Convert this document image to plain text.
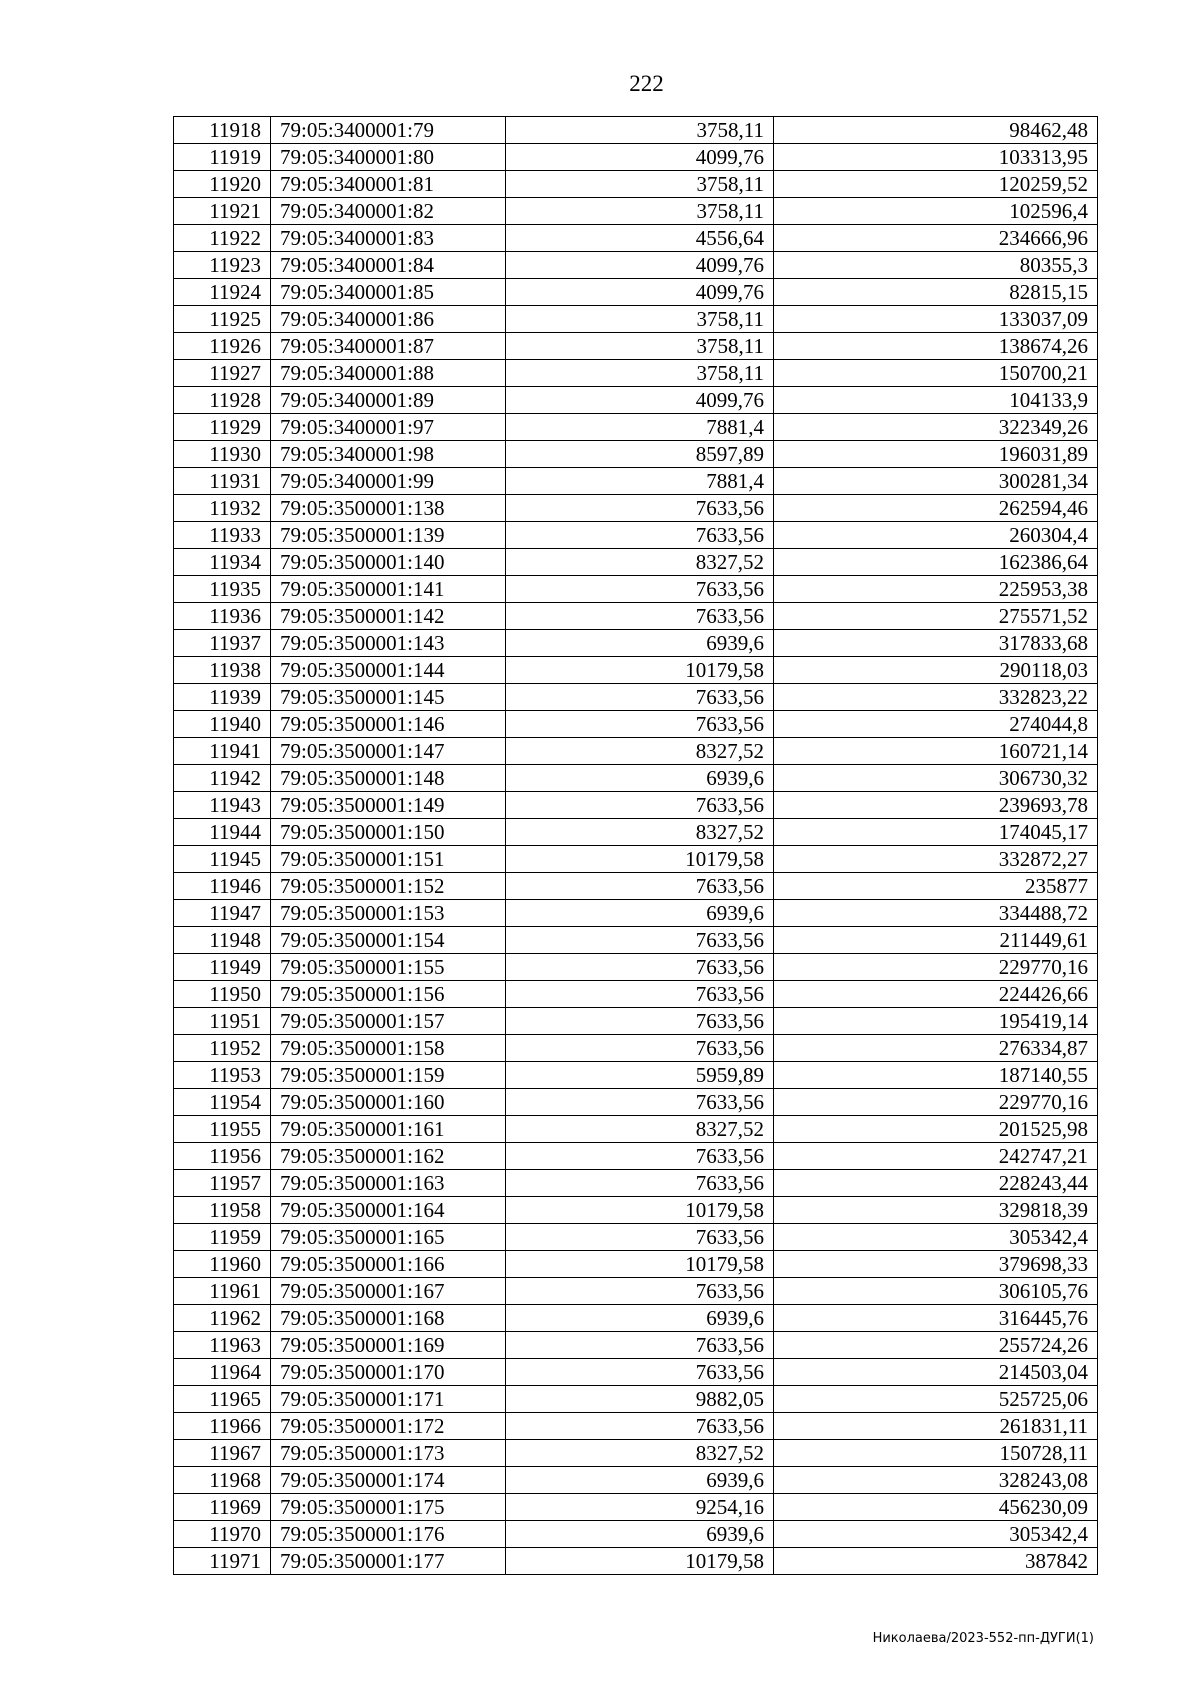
222
11918	79:05:3400001:79	3758,11	98462,48
11919	79:05:3400001:80	4099,76	103313,95
11920	79:05:3400001:81	3758,11	120259,52
11921	79:05:3400001:82	3758,11	102596,4
11922	79:05:3400001:83	4556,64	234666,96
11923	79:05:3400001:84	4099,76	80355,3
11924	79:05:3400001:85	4099,76	82815,15
11925	79:05:3400001:86	3758,11	133037,09
11926	79:05:3400001:87	3758,11	138674,26
11927	79:05:3400001:88	3758,11	150700,21
11928	79:05:3400001:89	4099,76	104133,9
11929	79:05:3400001:97	7881,4	322349,26
11930	79:05:3400001:98	8597,89	196031,89
11931	79:05:3400001:99	7881,4	300281,34
11932	79:05:3500001:138	7633,56	262594,46
11933	79:05:3500001:139	7633,56	260304,4
11934	79:05:3500001:140	8327,52	162386,64
11935	79:05:3500001:141	7633,56	225953,38
11936	79:05:3500001:142	7633,56	275571,52
11937	79:05:3500001:143	6939,6	317833,68
11938	79:05:3500001:144	10179,58	290118,03
11939	79:05:3500001:145	7633,56	332823,22
11940	79:05:3500001:146	7633,56	274044,8
11941	79:05:3500001:147	8327,52	160721,14
11942	79:05:3500001:148	6939,6	306730,32
11943	79:05:3500001:149	7633,56	239693,78
11944	79:05:3500001:150	8327,52	174045,17
11945	79:05:3500001:151	10179,58	332872,27
11946	79:05:3500001:152	7633,56	235877
11947	79:05:3500001:153	6939,6	334488,72
11948	79:05:3500001:154	7633,56	211449,61
11949	79:05:3500001:155	7633,56	229770,16
11950	79:05:3500001:156	7633,56	224426,66
11951	79:05:3500001:157	7633,56	195419,14
11952	79:05:3500001:158	7633,56	276334,87
11953	79:05:3500001:159	5959,89	187140,55
11954	79:05:3500001:160	7633,56	229770,16
11955	79:05:3500001:161	8327,52	201525,98
11956	79:05:3500001:162	7633,56	242747,21
11957	79:05:3500001:163	7633,56	228243,44
11958	79:05:3500001:164	10179,58	329818,39
11959	79:05:3500001:165	7633,56	305342,4
11960	79:05:3500001:166	10179,58	379698,33
11961	79:05:3500001:167	7633,56	306105,76
11962	79:05:3500001:168	6939,6	316445,76
11963	79:05:3500001:169	7633,56	255724,26
11964	79:05:3500001:170	7633,56	214503,04
11965	79:05:3500001:171	9882,05	525725,06
11966	79:05:3500001:172	7633,56	261831,11
11967	79:05:3500001:173	8327,52	150728,11
11968	79:05:3500001:174	6939,6	328243,08
11969	79:05:3500001:175	9254,16	456230,09
11970	79:05:3500001:176	6939,6	305342,4
11971	79:05:3500001:177	10179,58	387842
Николаева/2023-552-пп-ДУГИ(1)
